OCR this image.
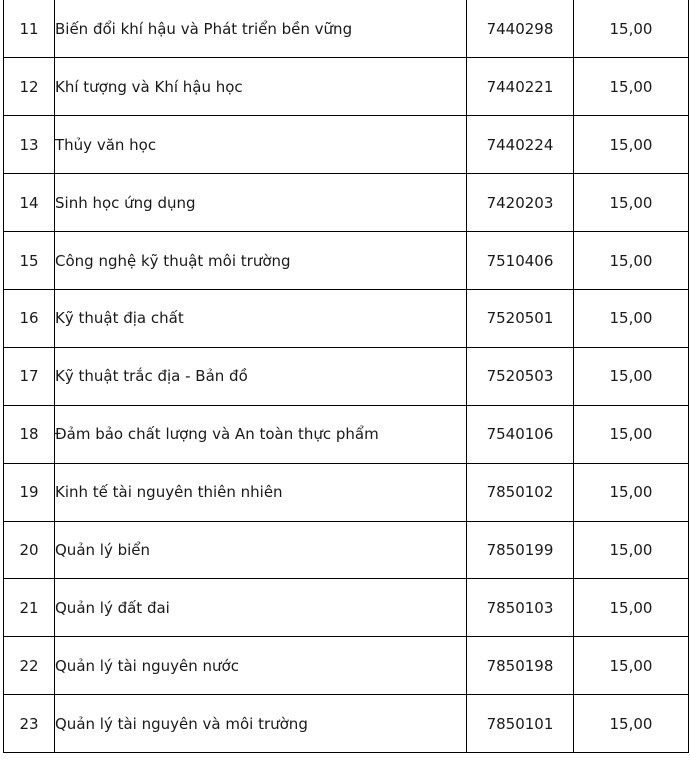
11	Biến đổi khí hậu và Phát triển bền vững	7440298	15,00
12	Khí tượng và Khí hậu học	7440221	15,00
13	Thủy văn học	7440224	15,00
14	Sinh học ứng dụng	7420203	15,00
15	Công nghệ kỹ thuật môi trường	7510406	15,00
16	Kỹ thuật địa chất	7520501	15,00
17	Kỹ thuật trắc địa - Bản đồ	7520503	15,00
18	Đảm bảo chất lượng và An toàn thực phẩm	7540106	15,00
19	Kinh tế tài nguyên thiên nhiên	7850102	15,00
20	Quản lý biển	7850199	15,00
21	Quản lý đất đai	7850103	15,00
22	Quản lý tài nguyên nước	7850198	15,00
23	Quản lý tài nguyên và môi trường	7850101	15,00
